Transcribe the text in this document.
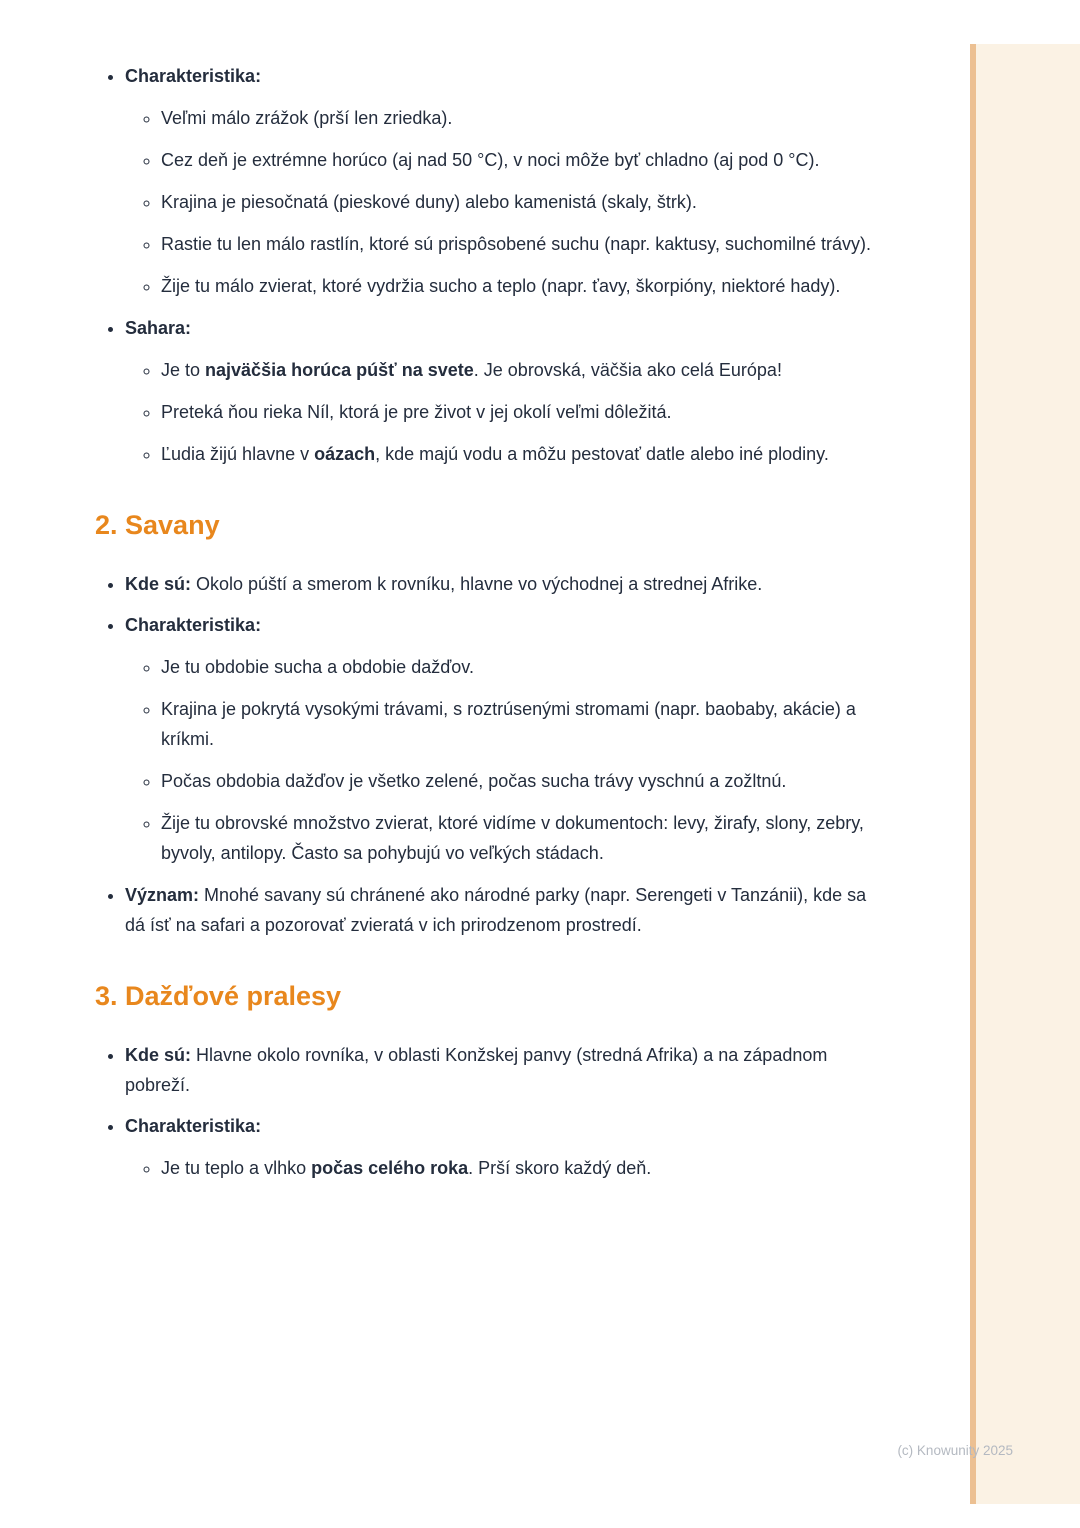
• Charakteristika:
◦ Veľmi málo zrážok (prší len zriedka).
◦ Cez deň je extrémne horúco (aj nad 50 °C), v noci môže byť chladno (aj pod 0 °C).
◦ Krajina je piesočnatá (pieskové duny) alebo kamenistá (skaly, štrk).
◦ Rastie tu len málo rastlín, ktoré sú prispôsobené suchu (napr. kaktusy, suchomilné trávy).
◦ Žije tu málo zvierat, ktoré vydržia sucho a teplo (napr. ťavy, škorpióny, niektoré hady).
• Sahara:
◦ Je to najväčšia horúca púšť na svete. Je obrovská, väčšia ako celá Európa!
◦ Preteká ňou rieka Níl, ktorá je pre život v jej okolí veľmi dôležitá.
◦ Ľudia žijú hlavne v oázach, kde majú vodu a môžu pestovať datle alebo iné plodiny.
2. Savany
• Kde sú: Okolo púští a smerom k rovníku, hlavne vo východnej a strednej Afrike.
• Charakteristika:
◦ Je tu obdobie sucha a obdobie dažďov.
◦ Krajina je pokrytá vysokými trávami, s roztrúsenými stromami (napr. baobaby, akácie) a kríkmi.
◦ Počas obdobia dažďov je všetko zelené, počas sucha trávy vyschnú a zožltnú.
◦ Žije tu obrovské množstvo zvierat, ktoré vidíme v dokumentoch: levy, žirafy, slony, zebry, byvoly, antilopy. Často sa pohybujú vo veľkých stádach.
• Význam: Mnohé savany sú chránené ako národné parky (napr. Serengeti v Tanzánii), kde sa dá ísť na safari a pozorovať zvieratá v ich prirodzenom prostredí.
3. Dažďové pralesy
• Kde sú: Hlavne okolo rovníka, v oblasti Konžskej panvy (stredná Afrika) a na západnom pobreží.
• Charakteristika:
◦ Je tu teplo a vlhko počas celého roka. Prší skoro každý deň.
(c) Knowunity 2025
